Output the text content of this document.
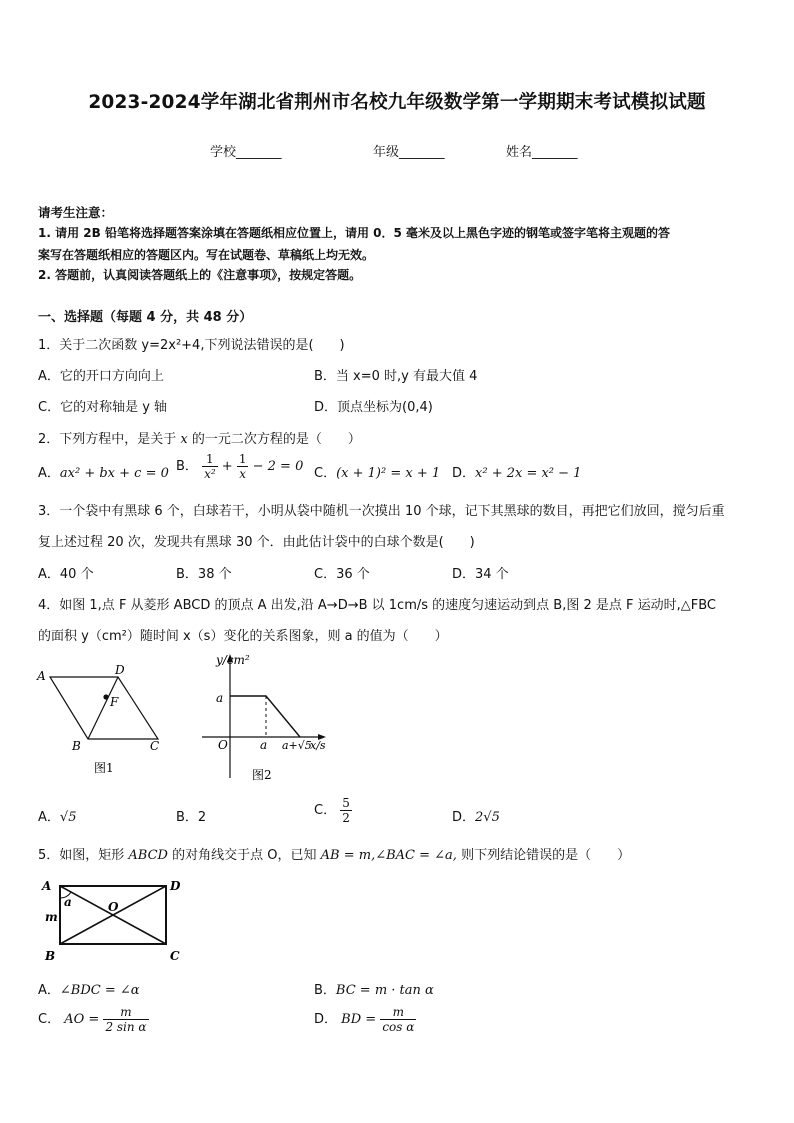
2023-2024学年湖北省荆州市名校九年级数学第一学期期末考试模拟试题
学校_______	年级_______	姓名_______
请考生注意：
1. 请用 2B 铅笔将选择题答案涂填在答题纸相应位置上，请用 0．5 毫米及以上黑色字迹的钢笔或签字笔将主观题的答
案写在答题纸相应的答题区内。写在试题卷、草稿纸上均无效。
2. 答题前，认真阅读答题纸上的《注意事项》，按规定答题。
一、选择题（每题 4 分，共 48 分）
1．关于二次函数 y=2x²+4,下列说法错误的是(　　)
A．它的开口方向向上	B．当 x=0 时,y 有最大值 4
C．它的对称轴是 y 轴	D．顶点坐标为(0,4)
2．下列方程中，是关于 x 的一元二次方程的是（　　）
A．ax² + bx + c = 0 B． $\frac{1}{\text{x²}} + \frac{1}{x} - 2 = 0$ C．(x + 1)² = x + 1 D．x² + 2x = x² − 1
3．一个袋中有黑球 6 个，白球若干，小明从袋中随机一次摸出 10 个球，记下其黑球的数目，再把它们放回，搅匀后重
复上述过程 20 次，发现共有黑球 30 个．由此估计袋中的白球个数是(　　)
A．40 个	B．38 个	C．36 个	D．34 个
4．如图 1,点 F 从菱形 ABCD 的顶点 A 出发,沿 A→D→B 以 1cm/s 的速度匀速运动到点 B,图 2 是点 F 运动时,△FBC
的面积 y（cm²）随时间 x（s）变化的关系图象，则 a 的值为（　　）
A	D
F
B	C
图1
y/cm²
a
O	a a+√5
x/s
图2
A．√5	B．2	C． $\frac{5}{2}$	D．2√5
5．如图，矩形 ABCD 的对角线交于点 O，已知 AB = m,∠BAC = ∠a, 则下列结论错误的是（　　）
A	D
B	C
O
a
m
A．∠BDC = ∠α	B．BC = m · tan α
C． AO = $\frac{m}{\text{2 sin α}}$	D． BD = $\frac{m}{\text{cos α}}$
